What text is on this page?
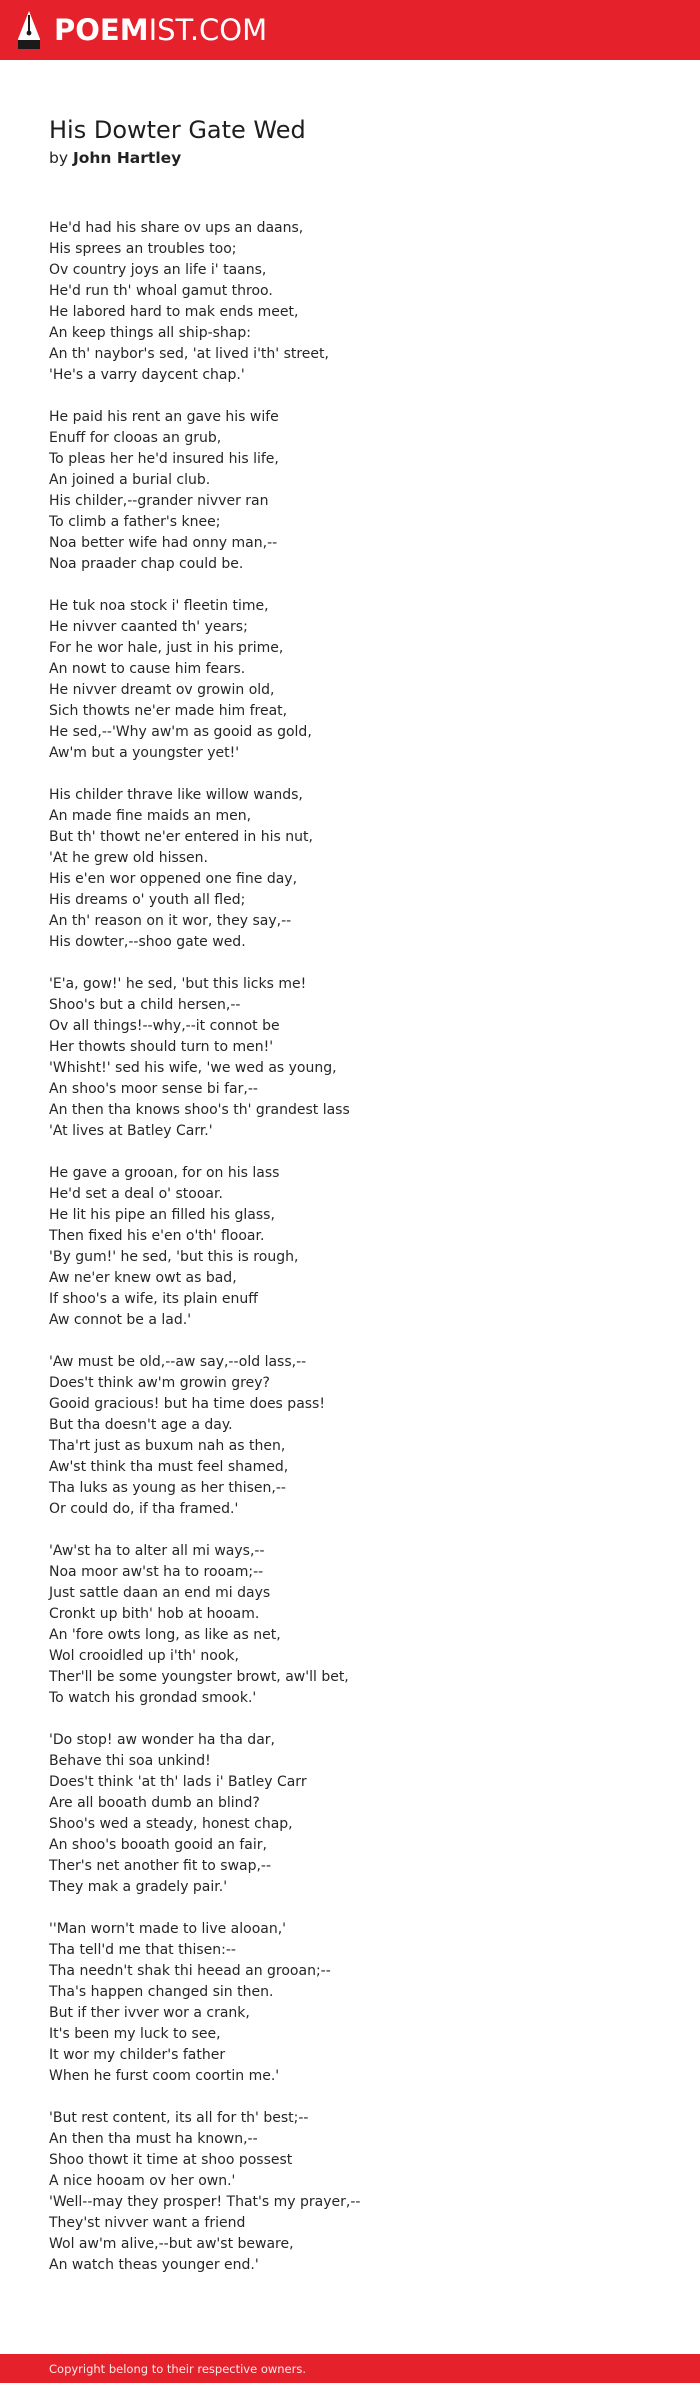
POEMIST.COM
His Dowter Gate Wed
by John Hartley

He'd had his share ov ups an daans,
His sprees an troubles too;
Ov country joys an life i' taans,
He'd run th' whoal gamut throo.
He labored hard to mak ends meet,
An keep things all ship-shap:
An th' naybor's sed, 'at lived i'th' street,
'He's a varry daycent chap.'

He paid his rent an gave his wife
Enuff for clooas an grub,
To pleas her he'd insured his life,
An joined a burial club.
His childer,--grander nivver ran
To climb a father's knee;
Noa better wife had onny man,--
Noa praader chap could be.

He tuk noa stock i' fleetin time,
He nivver caanted th' years;
For he wor hale, just in his prime,
An nowt to cause him fears.
He nivver dreamt ov growin old,
Sich thowts ne'er made him freat,
He sed,--'Why aw'm as gooid as gold,
Aw'm but a youngster yet!'

His childer thrave like willow wands,
An made fine maids an men,
But th' thowt ne'er entered in his nut,
'At he grew old hissen.
His e'en wor oppened one fine day,
His dreams o' youth all fled;
An th' reason on it wor, they say,--
His dowter,--shoo gate wed.

'E'a, gow!' he sed, 'but this licks me!
Shoo's but a child hersen,--
Ov all things!--why,--it connot be
Her thowts should turn to men!'
'Whisht!' sed his wife, 'we wed as young,
An shoo's moor sense bi far,--
An then tha knows shoo's th' grandest lass
'At lives at Batley Carr.'

He gave a grooan, for on his lass
He'd set a deal o' stooar.
He lit his pipe an filled his glass,
Then fixed his e'en o'th' flooar.
'By gum!' he sed, 'but this is rough,
Aw ne'er knew owt as bad,
If shoo's a wife, its plain enuff
Aw connot be a lad.'

'Aw must be old,--aw say,--old lass,--
Does't think aw'm growin grey?
Gooid gracious! but ha time does pass!
But tha doesn't age a day.
Tha'rt just as buxum nah as then,
Aw'st think tha must feel shamed,
Tha luks as young as her thisen,--
Or could do, if tha framed.'

'Aw'st ha to alter all mi ways,--
Noa moor aw'st ha to rooam;--
Just sattle daan an end mi days
Cronkt up bith' hob at hooam.
An 'fore owts long, as like as net,
Wol crooidled up i'th' nook,
Ther'll be some youngster browt, aw'll bet,
To watch his grondad smook.'

'Do stop! aw wonder ha tha dar,
Behave thi soa unkind!
Does't think 'at th' lads i' Batley Carr
Are all booath dumb an blind?
Shoo's wed a steady, honest chap,
An shoo's booath gooid an fair,
Ther's net another fit to swap,--
They mak a gradely pair.'

''Man worn't made to live alooan,'
Tha tell'd me that thisen:--
Tha needn't shak thi heead an grooan;--
Tha's happen changed sin then.
But if ther ivver wor a crank,
It's been my luck to see,
It wor my childer's father
When he furst coom coortin me.'

'But rest content, its all for th' best;--
An then tha must ha known,--
Shoo thowt it time at shoo possest
A nice hooam ov her own.'
'Well--may they prosper! That's my prayer,--
They'st nivver want a friend
Wol aw'm alive,--but aw'st beware,
An watch theas younger end.'

Copyright belong to their respective owners.
